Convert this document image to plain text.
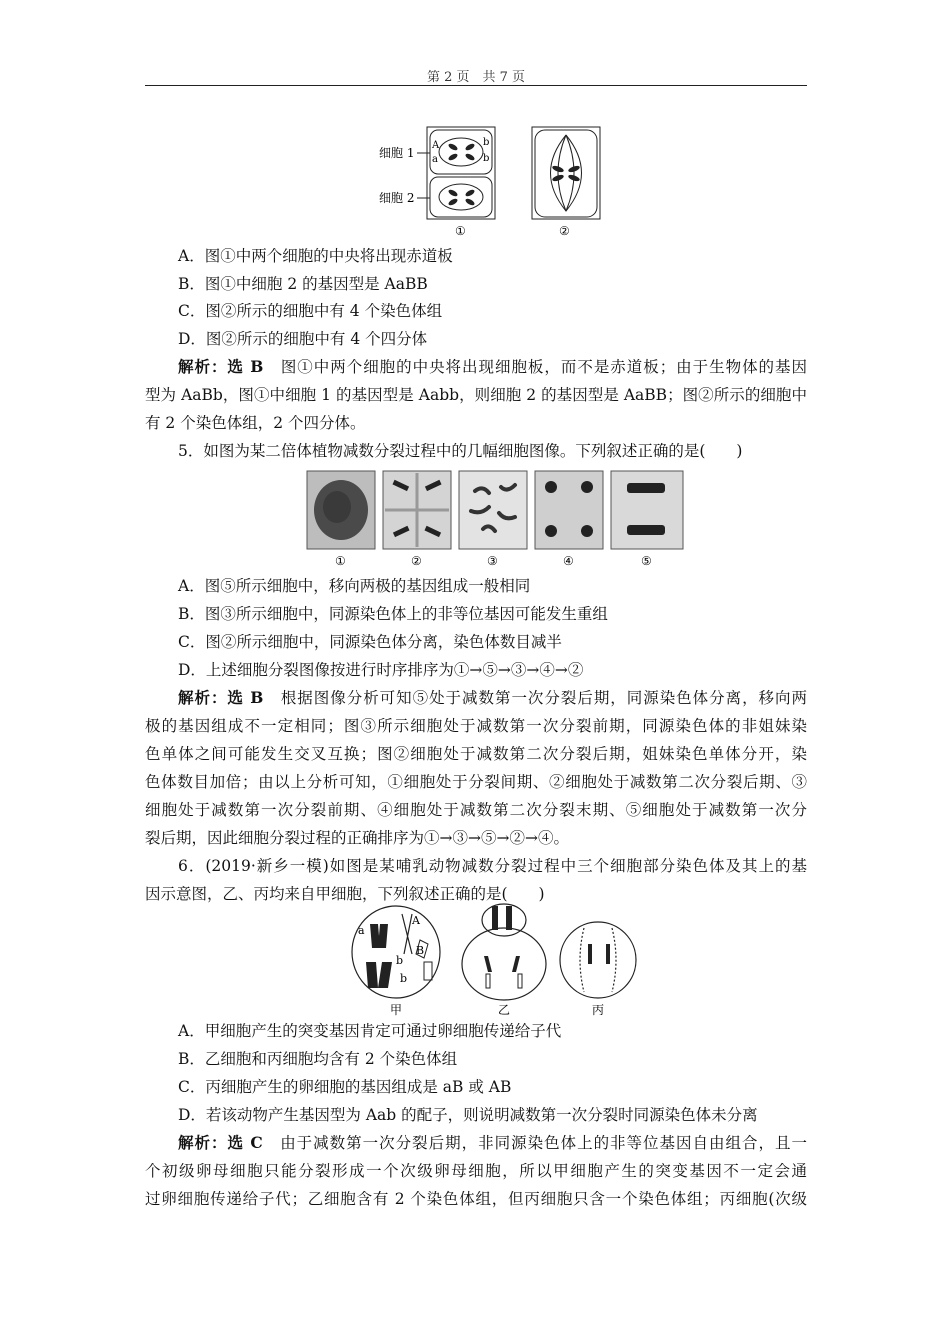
第 2 页　共 7 页
细胞 1
细胞 2
A
a
b
b
①	②
A．图①中两个细胞的中央将出现赤道板
B．图①中细胞 2 的基因型是 AaBB
C．图②所示的细胞中有 4 个染色体组
D．图②所示的细胞中有 4 个四分体
解析：选 B　图①中两个细胞的中央将出现细胞板，而不是赤道板；由于生物体的基因
型为 AaBb，图①中细胞 1 的基因型是 Aabb，则细胞 2 的基因型是 AaBB；图②所示的细胞中
有 2 个染色体组，2 个四分体。
5．如图为某二倍体植物减数分裂过程中的几幅细胞图像。下列叙述正确的是(　　)
①	②	③	④	⑤
A．图⑤所示细胞中，移向两极的基因组成一般相同
B．图③所示细胞中，同源染色体上的非等位基因可能发生重组
C．图②所示细胞中，同源染色体分离，染色体数目减半
D．上述细胞分裂图像按进行时序排序为①→⑤→③→④→②
解析：选 B　根据图像分析可知⑤处于减数第一次分裂后期，同源染色体分离，移向两
极的基因组成不一定相同；图③所示细胞处于减数第一次分裂前期，同源染色体的非姐妹染
色单体之间可能发生交叉互换；图②细胞处于减数第二次分裂后期，姐妹染色单体分开，染
色体数目加倍；由以上分析可知，①细胞处于分裂间期、②细胞处于减数第二次分裂后期、③
细胞处于减数第一次分裂前期、④细胞处于减数第二次分裂末期、⑤细胞处于减数第一次分
裂后期，因此细胞分裂过程的正确排序为①→③→⑤→②→④。
6．(2019·新乡一模)如图是某哺乳动物减数分裂过程中三个细胞部分染色体及其上的基
因示意图，乙、丙均来自甲细胞，下列叙述正确的是(　　)
a
A
B
b
b
甲	乙	丙
A．甲细胞产生的突变基因肯定可通过卵细胞传递给子代
B．乙细胞和丙细胞均含有 2 个染色体组
C．丙细胞产生的卵细胞的基因组成是 aB 或 AB
D．若该动物产生基因型为 Aab 的配子，则说明减数第一次分裂时同源染色体未分离
解析：选 C　由于减数第一次分裂后期，非同源染色体上的非等位基因自由组合，且一
个初级卵母细胞只能分裂形成一个次级卵母细胞，所以甲细胞产生的突变基因不一定会通
过卵细胞传递给子代；乙细胞含有 2 个染色体组，但丙细胞只含一个染色体组；丙细胞(次级
